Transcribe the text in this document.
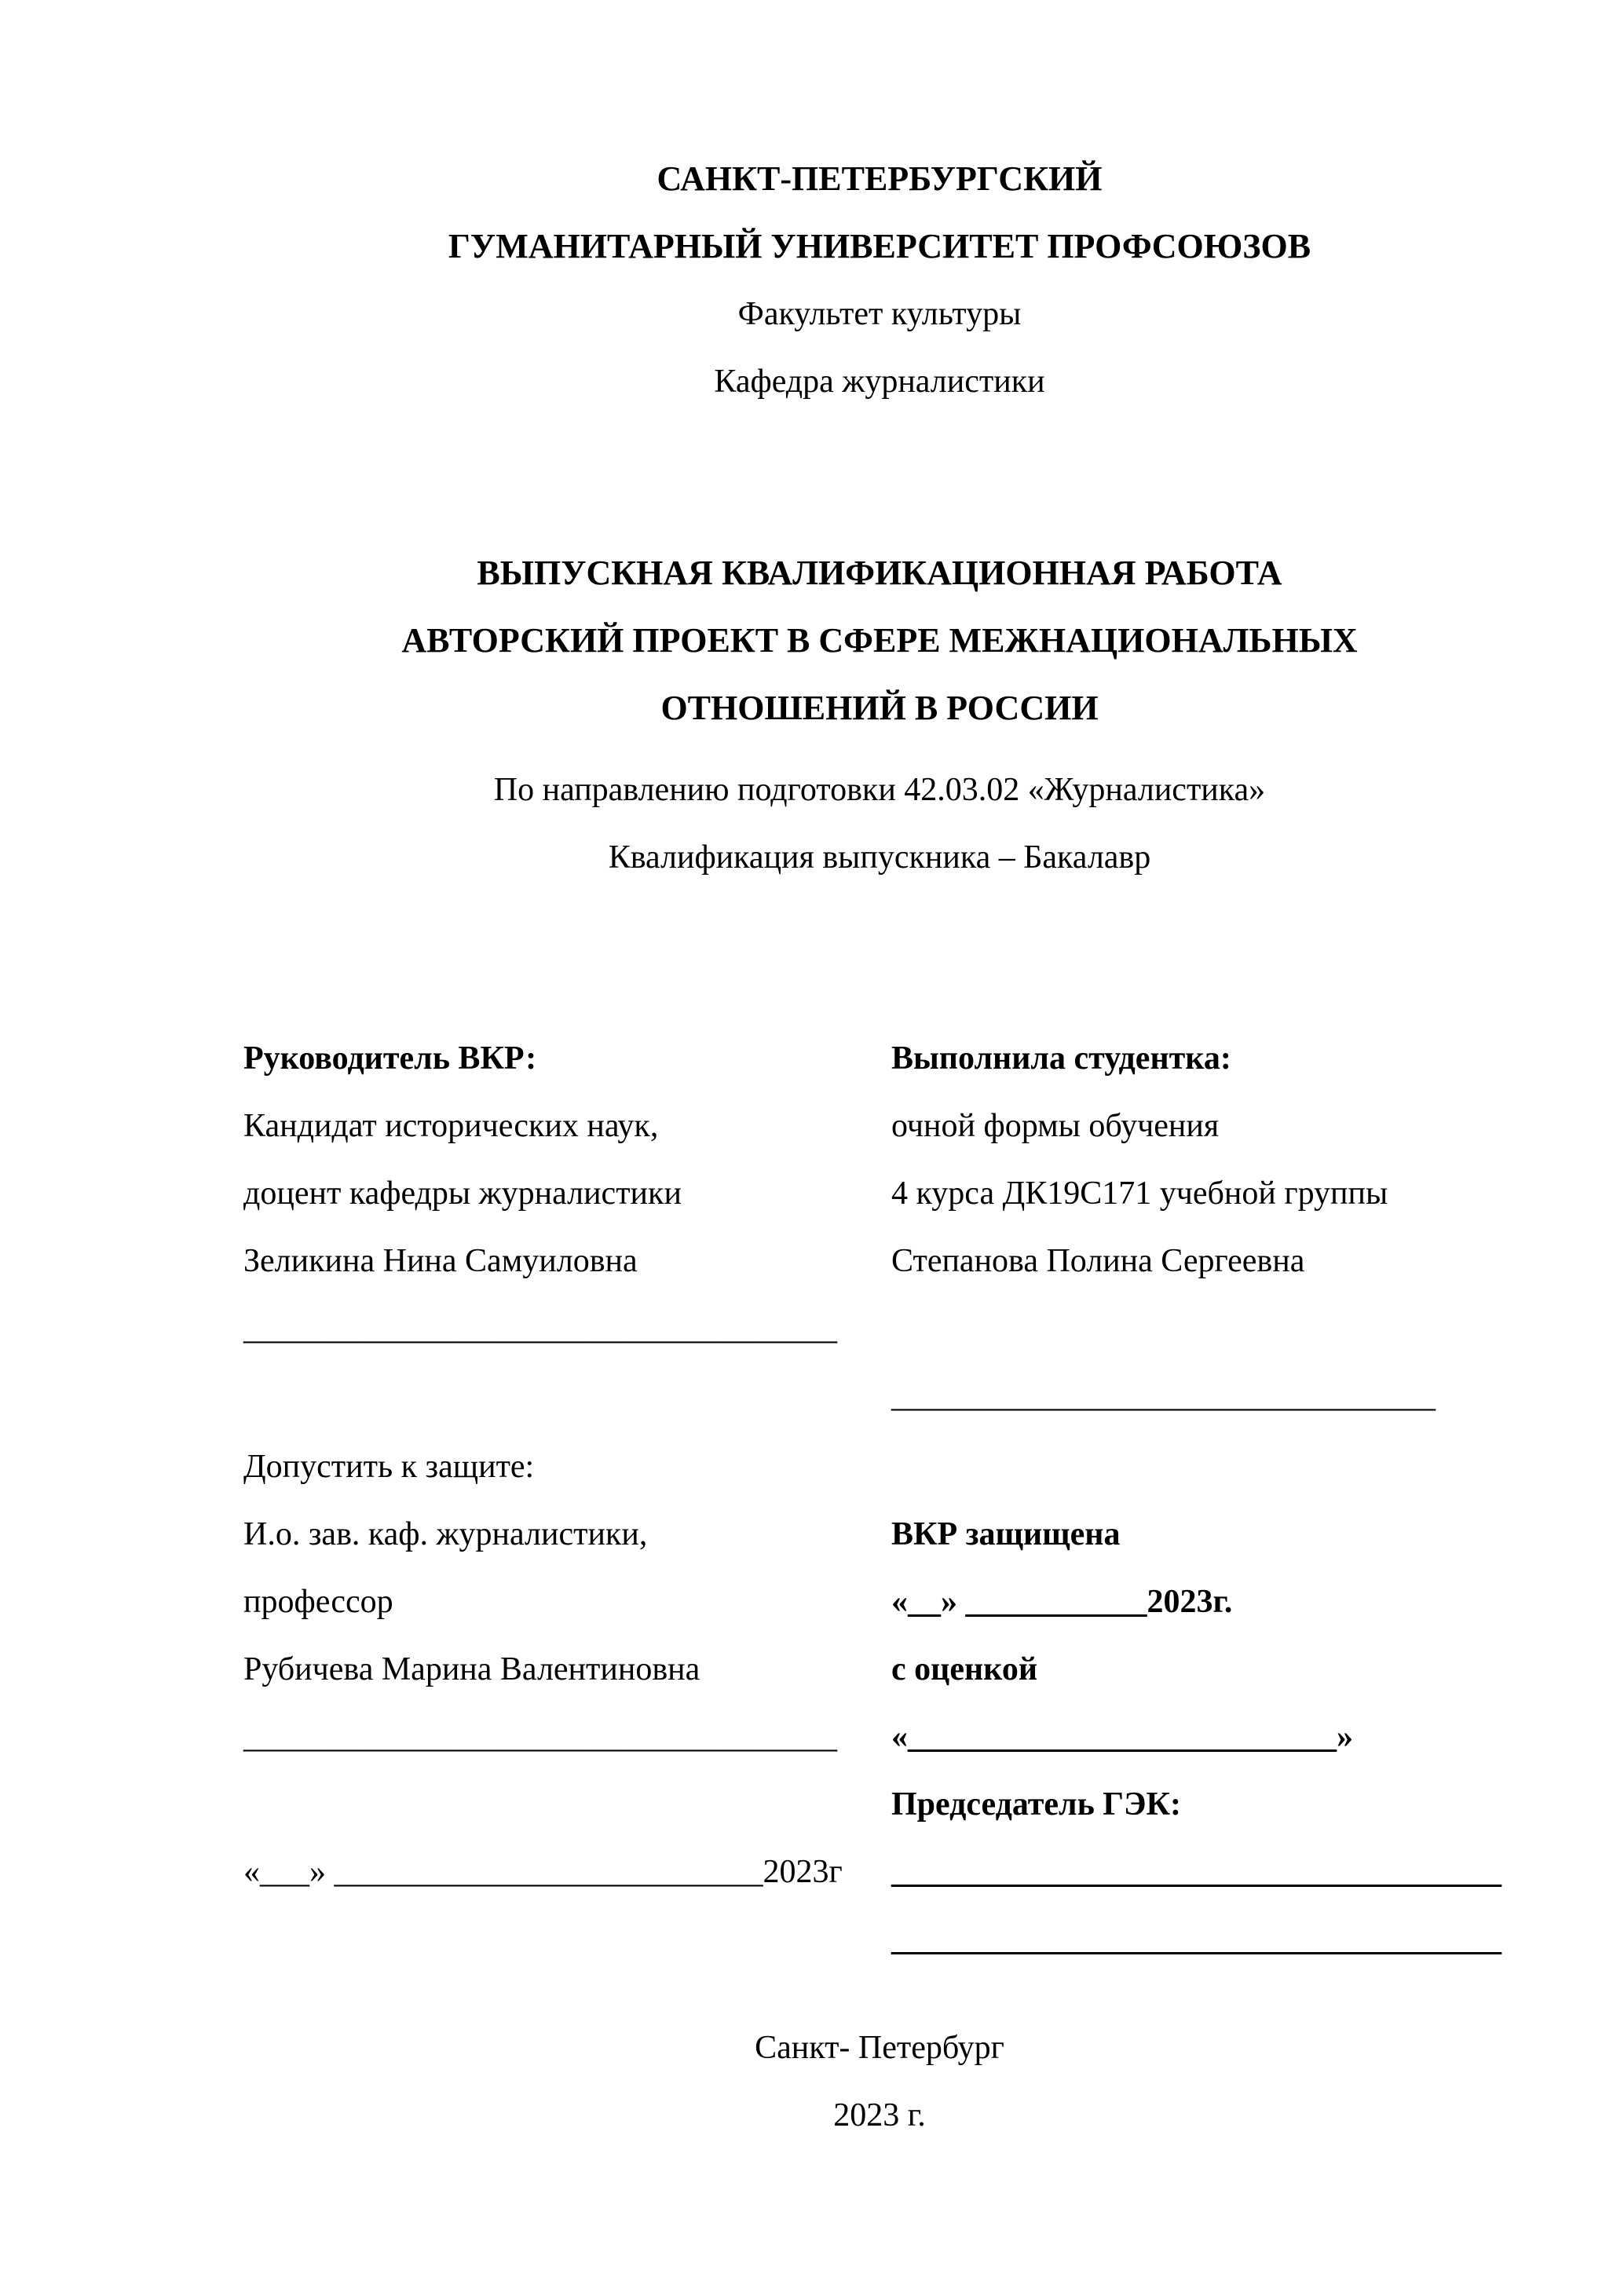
САНКТ-ПЕТЕРБУРГСКИЙ
ГУМАНИТАРНЫЙ УНИВЕРСИТЕТ ПРОФСОЮЗОВ
Факультет культуры
Кафедра журналистики
ВЫПУСКНАЯ КВАЛИФИКАЦИОННАЯ РАБОТА
АВТОРСКИЙ ПРОЕКТ В СФЕРЕ МЕЖНАЦИОНАЛЬНЫХ
ОТНОШЕНИЙ В РОССИИ
По направлению подготовки 42.03.02 «Журналистика»
Квалификация выпускника – Бакалавр
Руководитель ВКР:
Кандидат исторических наук,
доцент кафедры журналистики
Зеликина Нина Самуиловна
____________________________________
Выполнила студентка:
очной формы обучения
4 курса ДК19С171 учебной группы
Степанова Полина Сергеевна
_________________________________
Допустить к защите:
И.о. зав. каф. журналистики,
профессор
Рубичева Марина Валентиновна
____________________________________
«___» __________________________2023г
ВКР защищена
«__» ___________2023г.
с оценкой
«__________________________»
Председатель ГЭК:
_____________________________________
_____________________________________
Санкт- Петербург
2023 г.
